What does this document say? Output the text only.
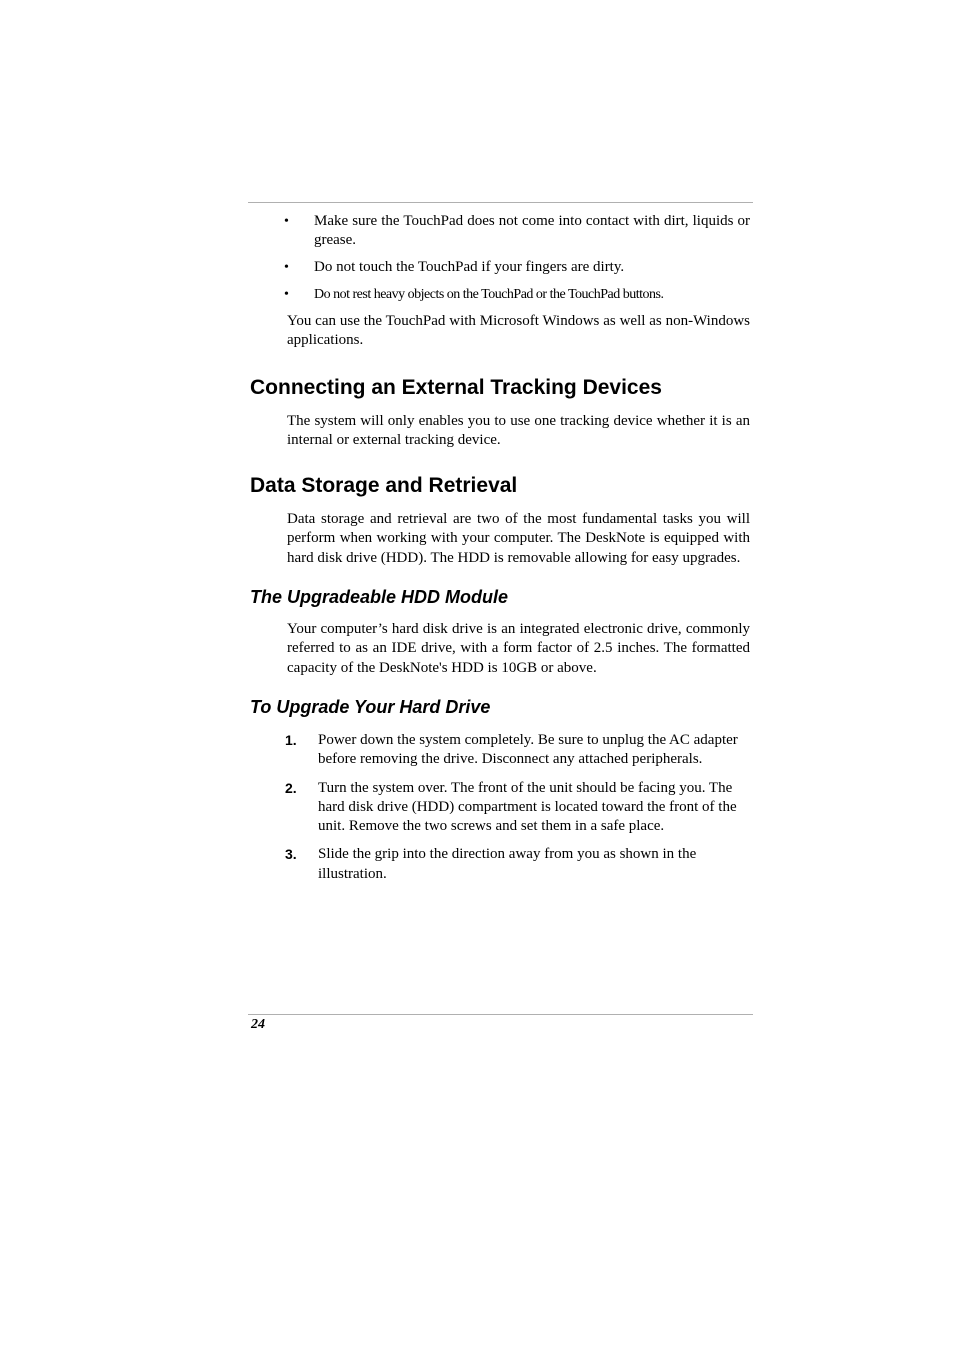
• Make sure the TouchPad does not come into contact with dirt, liquids or grease.
• Do not touch the TouchPad if your fingers are dirty.
• Do not rest heavy objects on the TouchPad or the TouchPad buttons.

You can use the TouchPad with Microsoft Windows as well as non-Windows applications.

Connecting an External Tracking Devices

The system will only enables you to use one tracking device whether it is an internal or external tracking device.

Data Storage and Retrieval

Data storage and retrieval are two of the most fundamental tasks you will perform when working with your computer. The DeskNote is equipped with hard disk drive (HDD). The HDD is removable allowing for easy upgrades.

The Upgradeable HDD Module

Your computer’s hard disk drive is an integrated electronic drive, commonly referred to as an IDE drive, with a form factor of 2.5 inches. The formatted capacity of the DeskNote's HDD is 10GB or above.

To Upgrade Your Hard Drive
1. Power down the system completely. Be sure to unplug the AC adapter before removing the drive. Disconnect any attached peripherals.
2. Turn the system over. The front of the unit should be facing you. The hard disk drive (HDD) compartment is located toward the front of the unit. Remove the two screws and set them in a safe place.
3. Slide the grip into the direction away from you as shown in the illustration.
24
